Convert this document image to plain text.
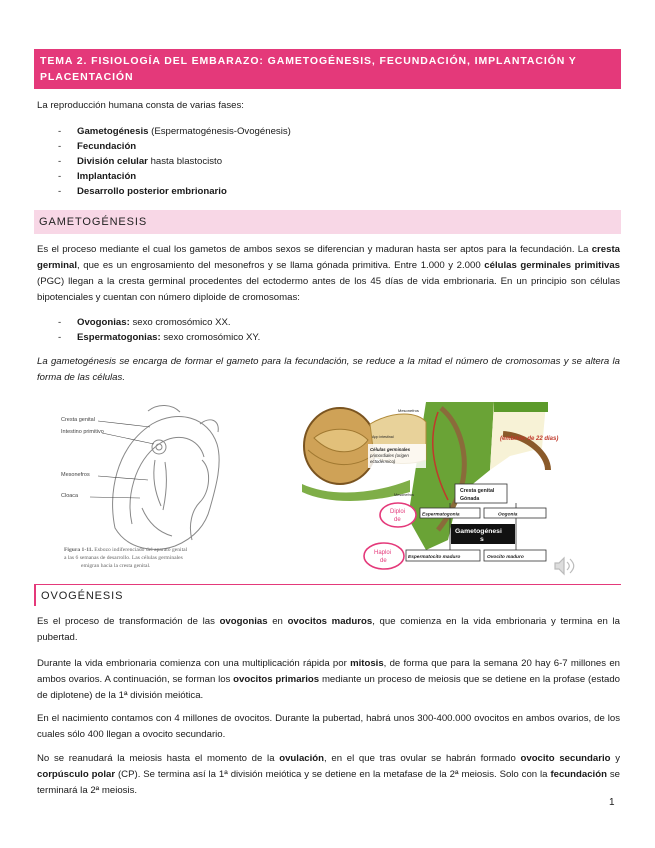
TEMA 2. FISIOLOGÍA DEL EMBARAZO: GAMETOGÉNESIS, FECUNDACIÓN, IMPLANTACIÓN Y
PLACENTACIÓN
La reproducción humana consta de varias fases:
- Gametogénesis (Espermatogénesis-Ovogénesis)
- Fecundación
- División celular hasta blastocisto
- Implantación
- Desarrollo posterior embrionario
GAMETOGÉNESIS
Es el proceso mediante el cual los gametos de ambos sexos se diferencian y maduran hasta ser aptos para la fecundación. La cresta germinal, que es un engrosamiento del mesonefros y se llama gónada primitiva. Entre 1.000 y 2.000 células germinales primitivas (PGC) llegan a la cresta germinal procedentes del ectodermo antes de los 45 días de vida embrionaria. En un principio son células bipotenciales y cuentan con número diploide de cromosomas:
- Ovogonias: sexo cromosómico XX.
- Espermatogonias: sexo cromosómico XY.
La gametogénesis se encarga de formar el gameto para la fecundación, se reduce a la mitad el número de cromosomas y se altera la forma de las células.
Cresta genital
Intestino primitivo
Mesonefros
Cloaca
Figura 1-11. Esbozo indiferenciado del aparato genital
a las 6 semanas de desarrollo. Las células germinales
emigran hacia la cresta genital.
Mesonefros
App intestinal	(embrión de 22 días)
Células germinales
primordiales (origen
ectodérmico)
Mesonefros
Cresta genital
Gónada
Diploi
de
Espermatogonia	Oogonia
Gametogénesi
s
Haploi
de
Espermatocito maduro	Ovocito maduro
OVOGÉNESIS
Es el proceso de transformación de las ovogonias en ovocitos maduros, que comienza en la vida embrionaria y termina en la pubertad.
Durante la vida embrionaria comienza con una multiplicación rápida por mitosis, de forma que para la semana 20 hay 6-7 millones en ambos ovarios. A continuación, se forman los ovocitos primarios mediante un proceso de meiosis que se detiene en la profase (estado de diplotene) de la 1ª división meiótica.
En el nacimiento contamos con 4 millones de ovocitos. Durante la pubertad, habrá unos 300-400.000 ovocitos en ambos ovarios, de los cuales sólo 400 llegan a ovocito secundario.
No se reanudará la meiosis hasta el momento de la ovulación, en el que tras ovular se habrán formado ovocito secundario y corpúsculo polar (CP). Se termina así la 1ª división meiótica y se detiene en la metafase de la 2ª meiosis. Solo con la fecundación se terminará la 2ª meiosis.
1
